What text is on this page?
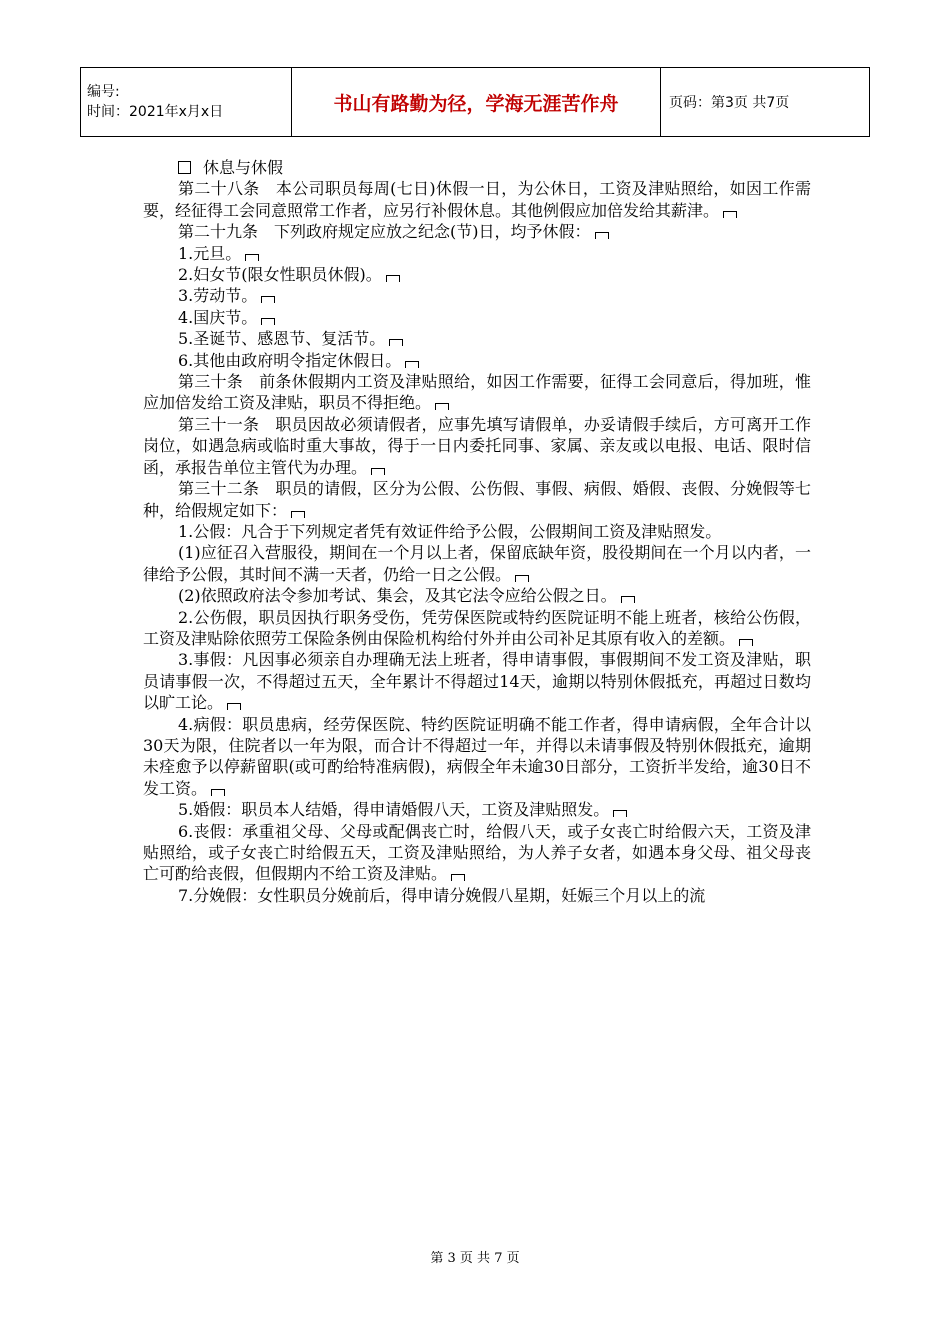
编号:
时间：2021年x月x日	书山有路勤为径，学海无涯苦作舟	页码：第3页 共7页

休息与休假

第二十八条　本公司职员每周(七日)休假一日，为公休日，工资及津贴照给，如因工作需要，经征得工会同意照常工作者，应另行补假休息。其他例假应加倍发给其薪津。

第二十九条　下列政府规定应放之纪念(节)日，均予休假：

1.元旦。

2.妇女节(限女性职员休假)。

3.劳动节。

4.国庆节。

5.圣诞节、感恩节、复活节。

6.其他由政府明令指定休假日。

第三十条　前条休假期内工资及津贴照给，如因工作需要，征得工会同意后，得加班，惟应加倍发给工资及津贴，职员不得拒绝。

第三十一条　职员因故必须请假者，应事先填写请假单，办妥请假手续后，方可离开工作岗位，如遇急病或临时重大事故，得于一日内委托同事、家属、亲友或以电报、电话、限时信函，承报告单位主管代为办理。

第三十二条　职员的请假，区分为公假、公伤假、事假、病假、婚假、丧假、分娩假等七种，给假规定如下：

1.公假：凡合于下列规定者凭有效证件给予公假，公假期间工资及津贴照发。

(1)应征召入营服役，期间在一个月以上者，保留底缺年资，股役期间在一个月以内者，一律给予公假，其时间不满一天者，仍给一日之公假。

(2)依照政府法令参加考试、集会，及其它法令应给公假之日。

2.公伤假，职员因执行职务受伤，凭劳保医院或特约医院证明不能上班者，核给公伤假，工资及津贴除依照劳工保险条例由保险机构给付外并由公司补足其原有收入的差额。

3.事假：凡因事必须亲自办理确无法上班者，得申请事假，事假期间不发工资及津贴，职员请事假一次，不得超过五天，全年累计不得超过14天，逾期以特别休假抵充，再超过日数均以旷工论。

4.病假：职员患病，经劳保医院、特约医院证明确不能工作者，得申请病假，全年合计以30天为限，住院者以一年为限，而合计不得超过一年，并得以未请事假及特别休假抵充，逾期未痊愈予以停薪留职(或可酌给特准病假)，病假全年未逾30日部分，工资折半发给，逾30日不发工资。

5.婚假：职员本人结婚，得申请婚假八天，工资及津贴照发。

6.丧假：承重祖父母、父母或配偶丧亡时，给假八天，或子女丧亡时给假六天，工资及津贴照给，或子女丧亡时给假五天，工资及津贴照给，为人养子女者，如遇本身父母、祖父母丧亡可酌给丧假，但假期内不给工资及津贴。

7.分娩假：女性职员分娩前后，得申请分娩假八星期，妊娠三个月以上的流

第 3 页 共 7 页
